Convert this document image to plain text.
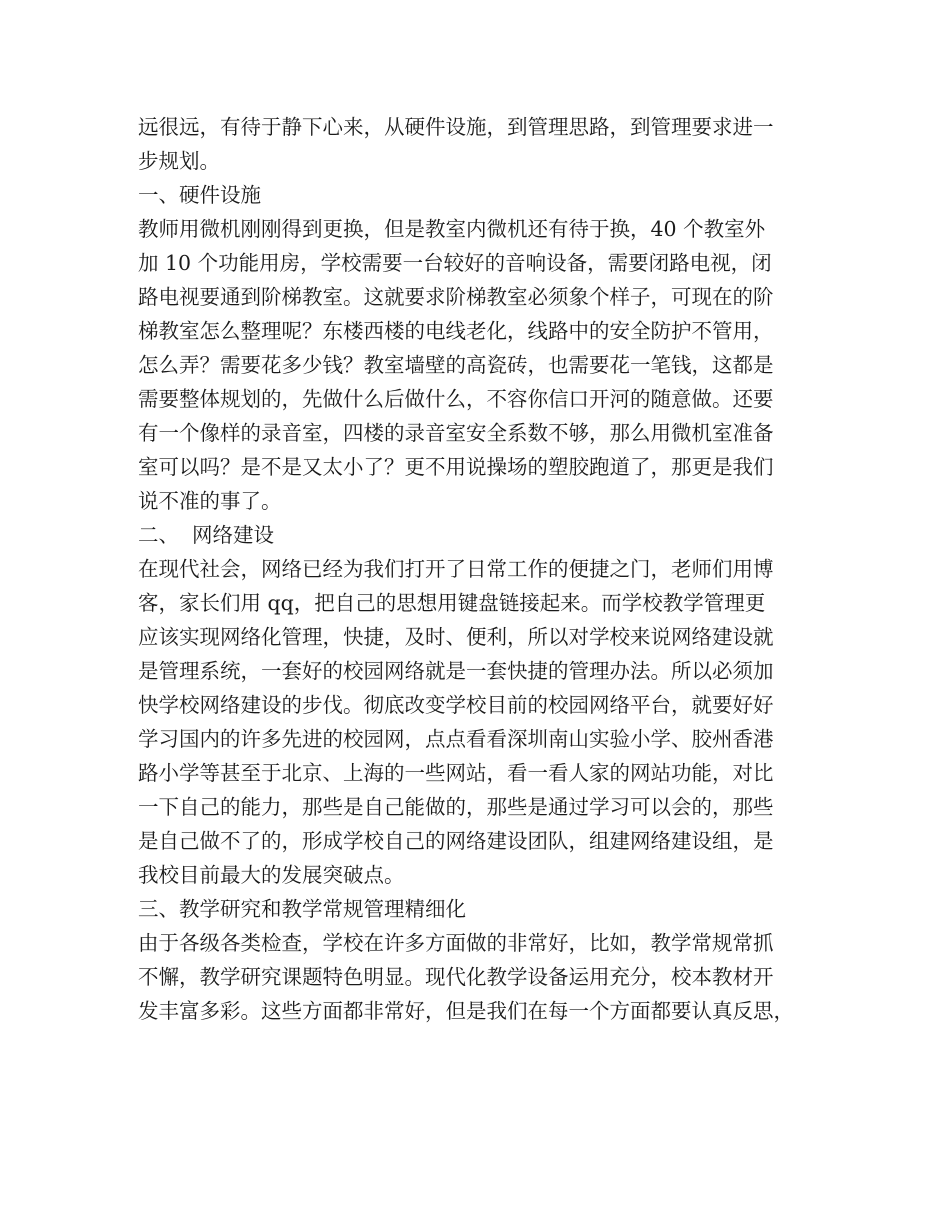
远很远，有待于静下心来，从硬件设施，到管理思路，到管理要求进一
步规划。
一、硬件设施
教师用微机刚刚得到更换，但是教室内微机还有待于换，40 个教室外
加 10 个功能用房，学校需要一台较好的音响设备，需要闭路电视，闭
路电视要通到阶梯教室。这就要求阶梯教室必须象个样子，可现在的阶
梯教室怎么整理呢？东楼西楼的电线老化，线路中的安全防护不管用，
怎么弄？需要花多少钱？教室墙壁的高瓷砖，也需要花一笔钱，这都是
需要整体规划的，先做什么后做什么，不容你信口开河的随意做。还要
有一个像样的录音室，四楼的录音室安全系数不够，那么用微机室准备
室可以吗？是不是又太小了？更不用说操场的塑胶跑道了，那更是我们
说不准的事了。
二、  网络建设
在现代社会，网络已经为我们打开了日常工作的便捷之门，老师们用博
客，家长们用 qq，把自己的思想用键盘链接起来。而学校教学管理更
应该实现网络化管理，快捷，及时、便利，所以对学校来说网络建设就
是管理系统，一套好的校园网络就是一套快捷的管理办法。所以必须加
快学校网络建设的步伐。彻底改变学校目前的校园网络平台，就要好好
学习国内的许多先进的校园网，点点看看深圳南山实验小学、胶州香港
路小学等甚至于北京、上海的一些网站，看一看人家的网站功能，对比
一下自己的能力，那些是自己能做的，那些是通过学习可以会的，那些
是自己做不了的，形成学校自己的网络建设团队，组建网络建设组，是
我校目前最大的发展突破点。
三、教学研究和教学常规管理精细化
由于各级各类检查，学校在许多方面做的非常好，比如，教学常规常抓
不懈，教学研究课题特色明显。现代化教学设备运用充分，校本教材开
发丰富多彩。这些方面都非常好，但是我们在每一个方面都要认真反思，
